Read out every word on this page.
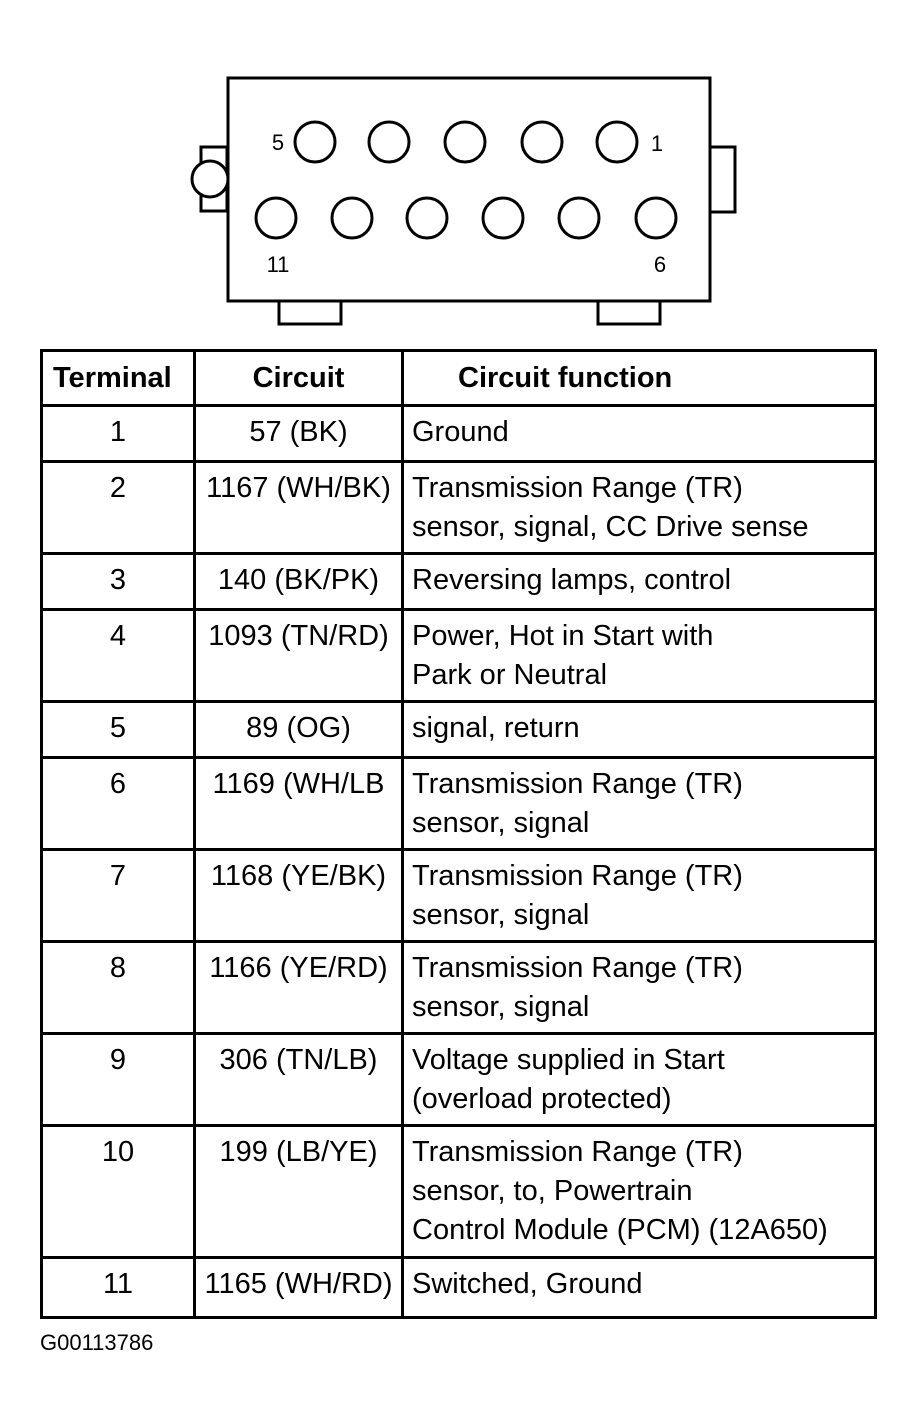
5	1
11	6
Terminal	Circuit	Circuit function
1	57 (BK)	Ground
2	1167 (WH/BK)	Transmission Range (TR)
sensor, signal, CC Drive sense
3	140 (BK/PK)	Reversing lamps, control
4	1093 (TN/RD)	Power, Hot in Start with
Park or Neutral
5	89 (OG)	signal, return
6	1169 (WH/LB	Transmission Range (TR)
sensor, signal
7	1168 (YE/BK)	Transmission Range (TR)
sensor, signal
8	1166 (YE/RD)	Transmission Range (TR)
sensor, signal
9	306 (TN/LB)	Voltage supplied in Start
(overload protected)
10	199 (LB/YE)	Transmission Range (TR)
sensor, to, Powertrain
Control Module (PCM) (12A650)
11	1165 (WH/RD)	Switched, Ground
G00113786
